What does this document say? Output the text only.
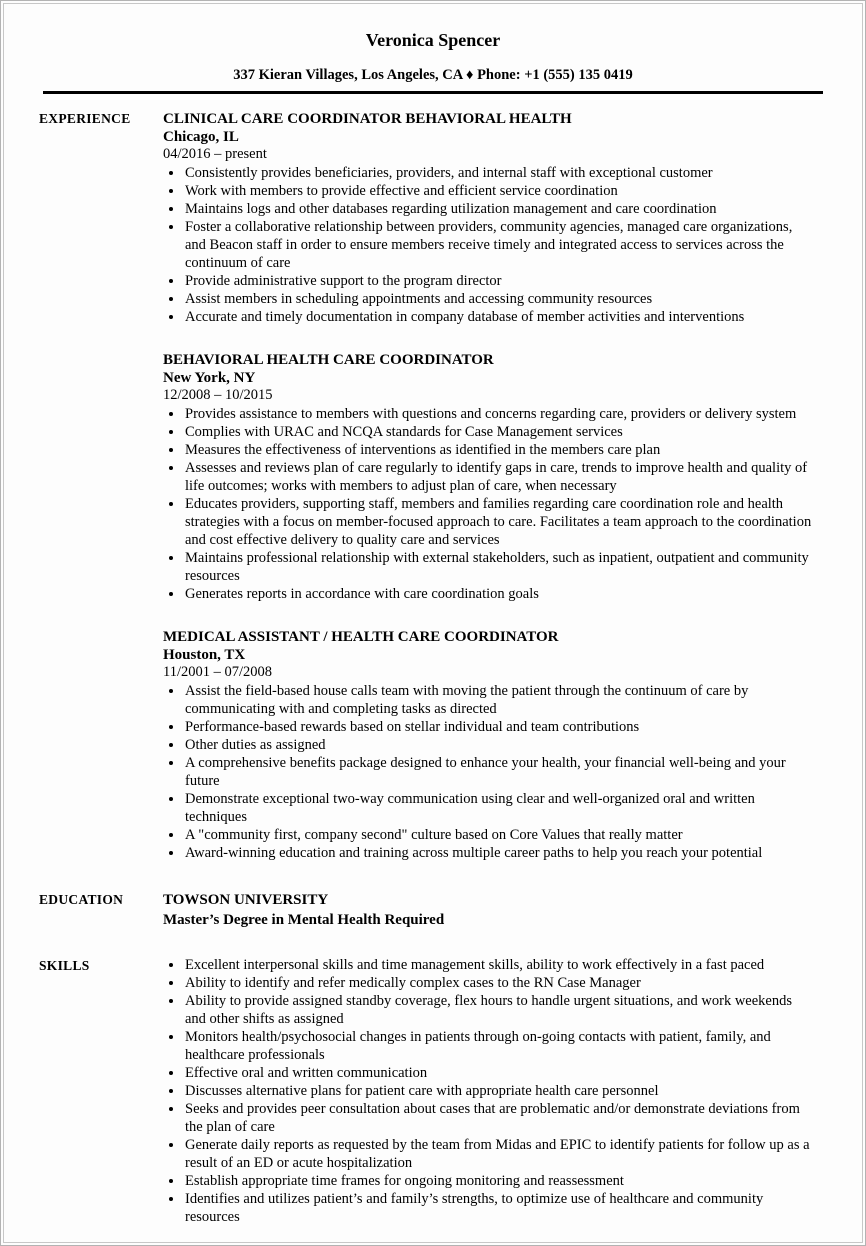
Veronica Spencer

337 Kieran Villages, Los Angeles, CA ♦ Phone: +1 (555) 135 0419

EXPERIENCE	CLINICAL CARE COORDINATOR BEHAVIORAL HEALTH
Chicago, IL
04/2016 – present
• Consistently provides beneficiaries, providers, and internal staff with exceptional customer
• Work with members to provide effective and efficient service coordination
• Maintains logs and other databases regarding utilization management and care coordination
• Foster a collaborative relationship between providers, community agencies, managed care organizations, and Beacon staff in order to ensure members receive timely and integrated access to services across the continuum of care
• Provide administrative support to the program director
• Assist members in scheduling appointments and accessing community resources
• Accurate and timely documentation in company database of member activities and interventions
BEHAVIORAL HEALTH CARE COORDINATOR
New York, NY
12/2008 – 10/2015
• Provides assistance to members with questions and concerns regarding care, providers or delivery system
• Complies with URAC and NCQA standards for Case Management services
• Measures the effectiveness of interventions as identified in the members care plan
• Assesses and reviews plan of care regularly to identify gaps in care, trends to improve health and quality of life outcomes; works with members to adjust plan of care, when necessary
• Educates providers, supporting staff, members and families regarding care coordination role and health strategies with a focus on member-focused approach to care. Facilitates a team approach to the coordination and cost effective delivery to quality care and services
• Maintains professional relationship with external stakeholders, such as inpatient, outpatient and community resources
• Generates reports in accordance with care coordination goals
MEDICAL ASSISTANT / HEALTH CARE COORDINATOR
Houston, TX
11/2001 – 07/2008
• Assist the field-based house calls team with moving the patient through the continuum of care by communicating with and completing tasks as directed
• Performance-based rewards based on stellar individual and team contributions
• Other duties as assigned
• A comprehensive benefits package designed to enhance your health, your financial well-being and your future
• Demonstrate exceptional two-way communication using clear and well-organized oral and written techniques
• A "community first, company second" culture based on Core Values that really matter
• Award-winning education and training across multiple career paths to help you reach your potential
EDUCATION	TOWSON UNIVERSITY
Master’s Degree in Mental Health Required
SKILLS	• Excellent interpersonal skills and time management skills, ability to work effectively in a fast paced
• Ability to identify and refer medically complex cases to the RN Case Manager
• Ability to provide assigned standby coverage, flex hours to handle urgent situations, and work weekends and other shifts as assigned
• Monitors health/psychosocial changes in patients through on-going contacts with patient, family, and healthcare professionals
• Effective oral and written communication
• Discusses alternative plans for patient care with appropriate health care personnel
• Seeks and provides peer consultation about cases that are problematic and/or demonstrate deviations from the plan of care
• Generate daily reports as requested by the team from Midas and EPIC to identify patients for follow up as a result of an ED or acute hospitalization
• Establish appropriate time frames for ongoing monitoring and reassessment
• Identifies and utilizes patient’s and family’s strengths, to optimize use of healthcare and community resources
